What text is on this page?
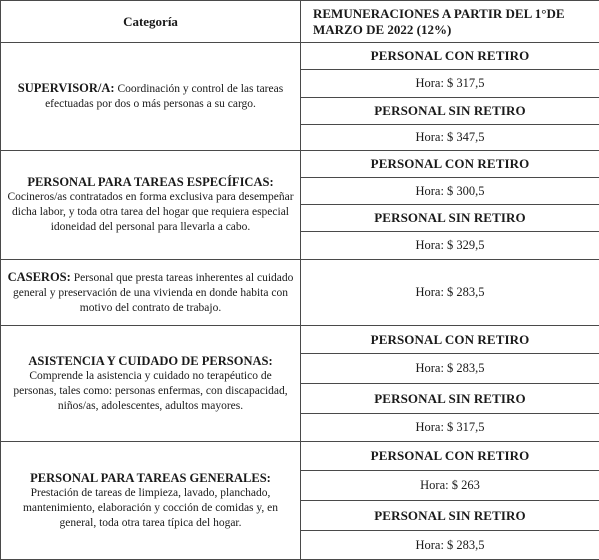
Categoría
REMUNERACIONES A PARTIR DEL 1°DE
MARZO DE 2022 (12%)
SUPERVISOR/A: Coordinación y control de las tareas efectuadas por dos o más personas a su cargo.
PERSONAL CON RETIRO
Hora: $ 317,5
PERSONAL SIN RETIRO
Hora: $ 347,5
PERSONAL PARA TAREAS ESPECÍFICAS:
Cocineros/as contratados en forma exclusiva para desempeñar dicha labor, y toda otra tarea del hogar que requiera especial idoneidad del personal para llevarla a cabo.
PERSONAL CON RETIRO
Hora: $ 300,5
PERSONAL SIN RETIRO
Hora: $ 329,5
CASEROS: Personal que presta tareas inherentes al cuidado general y preservación de una vivienda en donde habita con motivo del contrato de trabajo.
Hora: $ 283,5
ASISTENCIA Y CUIDADO DE PERSONAS:
Comprende la asistencia y cuidado no terapéutico de personas, tales como: personas enfermas, con discapacidad, niños/as, adolescentes, adultos mayores.
PERSONAL CON RETIRO
Hora: $ 283,5
PERSONAL SIN RETIRO
Hora: $ 317,5
PERSONAL PARA TAREAS GENERALES:
Prestación de tareas de limpieza, lavado, planchado, mantenimiento, elaboración y cocción de comidas y, en general, toda otra tarea típica del hogar.
PERSONAL CON RETIRO
Hora: $ 263
PERSONAL SIN RETIRO
Hora: $ 283,5
